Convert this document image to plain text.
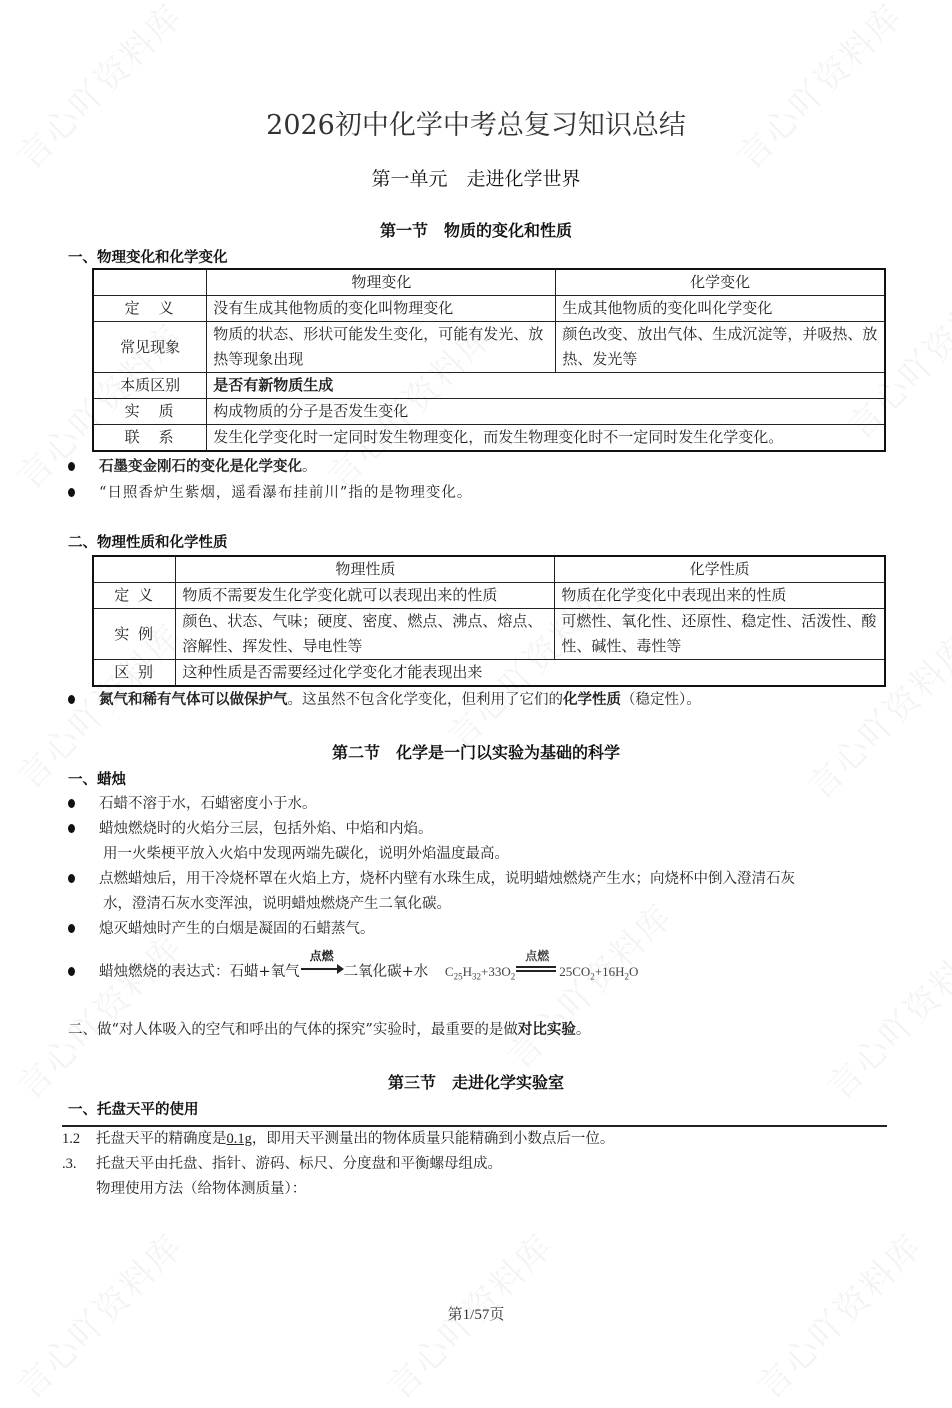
2026初中化学中考总复习知识总结
第一单元　走进化学世界
第一节　物质的变化和性质
一、物理变化和化学变化
	物理变化	化学变化
定　义	没有生成其他物质的变化叫物理变化	生成其他物质的变化叫化学变化
常见现象	物质的状态、形状可能发生变化，可能有发光、放热等现象出现	颜色改变、放出气体、生成沉淀等，并吸热、放热、发光等
本质区别	是否有新物质生成	
实　质	构成物质的分子是否发生变化	
联　系	发生化学变化时一定同时发生物理变化，而发生物理变化时不一定同时发生化学变化。	
石墨变金刚石的变化是化学变化。
“日照香炉生紫烟，遥看瀑布挂前川”指的是物理变化。
二、物理性质和化学性质
	物理性质	化学性质
定 义	物质不需要发生化学变化就可以表现出来的性质	物质在化学变化中表现出来的性质
实 例	颜色、状态、气味；硬度、密度、燃点、沸点、熔点、溶解性、挥发性、导电性等	可燃性、氧化性、还原性、稳定性、活泼性、酸性、碱性、毒性等
区 别	这种性质是否需要经过化学变化才能表现出来	
氮气和稀有气体可以做保护气。这虽然不包含化学变化，但利用了它们的化学性质（稳定性）。
第二节　化学是一门以实验为基础的科学
一、蜡烛
石蜡不溶于水，石蜡密度小于水。
蜡烛燃烧时的火焰分三层，包括外焰、中焰和内焰。
用一火柴梗平放入火焰中发现两端先碳化，说明外焰温度最高。
点燃蜡烛后，用干冷烧杯罩在火焰上方，烧杯内壁有水珠生成，说明蜡烛燃烧产生水；向烧杯中倒入澄清石灰
水，澄清石灰水变浑浊，说明蜡烛燃烧产生二氧化碳。
熄灭蜡烛时产生的白烟是凝固的石蜡蒸气。
蜡烛燃烧的表达式：石蜡+氧气
点燃
二氧化碳+水 $C_{25}H_{32}+33O_2$
点燃
$25CO_2+16H_2O$
二、做“对人体吸入的空气和呼出的气体的探究”实验时，最重要的是做对比实验。
第三节　走进化学实验室
一、托盘天平的使用
1.2 托盘天平的精确度是0.1g，即用天平测量出的物体质量只能精确到小数点后一位。
.3. 托盘天平由托盘、指针、游码、标尺、分度盘和平衡螺母组成。
物理使用方法（给物体测质量）：
第1/57页
